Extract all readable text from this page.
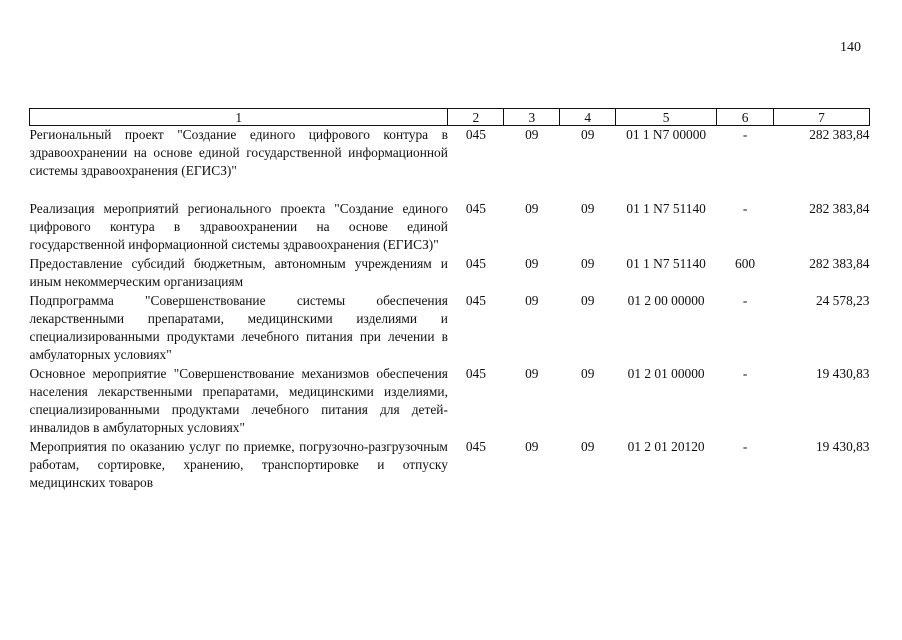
140
1	2	3	4	5	6	7
Региональный проект "Создание единого цифрового контура в здравоохранении на основе единой государственной информационной системы здравоохранения (ЕГИСЗ)"	045	09	09	01 1 N7 00000	-	282 383,84
Реализация мероприятий регионального проекта "Создание единого цифрового контура в здравоохранении на основе единой государственной информационной системы здравоохранения (ЕГИСЗ)"	045	09	09	01 1 N7 51140	-	282 383,84
Предоставление субсидий бюджетным, автономным учреждениям и иным некоммерческим организациям	045	09	09	01 1 N7 51140	600	282 383,84
Подпрограмма "Совершенствование системы обеспечения лекарственными препаратами, медицинскими изделиями и специализированными продуктами лечебного питания при лечении в амбулаторных условиях"	045	09	09	01 2 00 00000	-	24 578,23
Основное мероприятие "Совершенствование механизмов обеспечения населения лекарственными препаратами, медицинскими изделиями, специализированными продуктами лечебного питания для детей-инвалидов в амбулаторных условиях"	045	09	09	01 2 01 00000	-	19 430,83
Мероприятия по оказанию услуг по приемке, погрузочно-разгрузочным работам, сортировке, хранению, транспортировке и отпуску медицинских товаров	045	09	09	01 2 01 20120	-	19 430,83
